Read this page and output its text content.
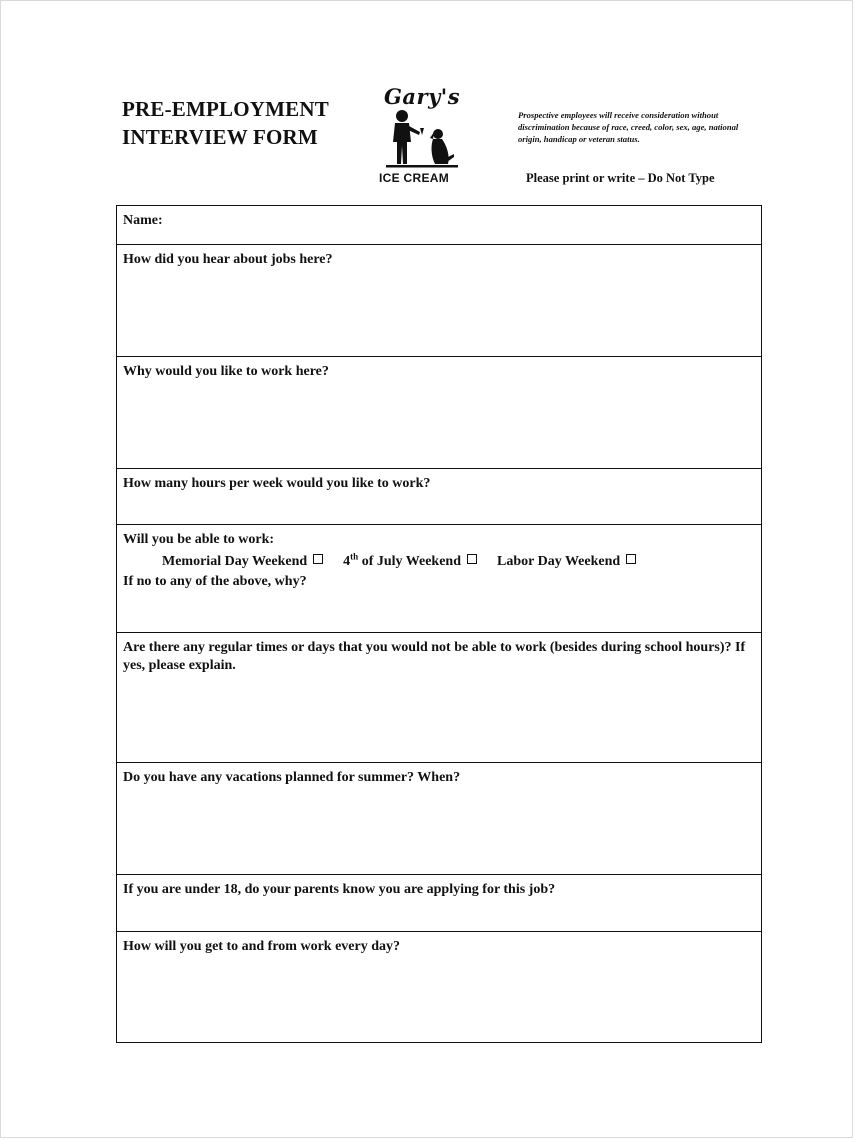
PRE-EMPLOYMENT
INTERVIEW FORM
Gary's
ICE CREAM
Prospective employees will receive consideration without discrimination because of race, creed, color, sex, age, national origin, handicap or veteran status.
Please print or write – Do Not Type
Name:
How did you hear about jobs here?
Why would you like to work here?
How many hours per week would you like to work?
Will you be able to work:
Memorial Day Weekend	4th of July Weekend	Labor Day Weekend
If no to any of the above, why?
Are there any regular times or days that you would not be able to work (besides during school hours)? If yes, please explain.
Do you have any vacations planned for summer? When?
If you are under 18, do your parents know you are applying for this job?
How will you get to and from work every day?
